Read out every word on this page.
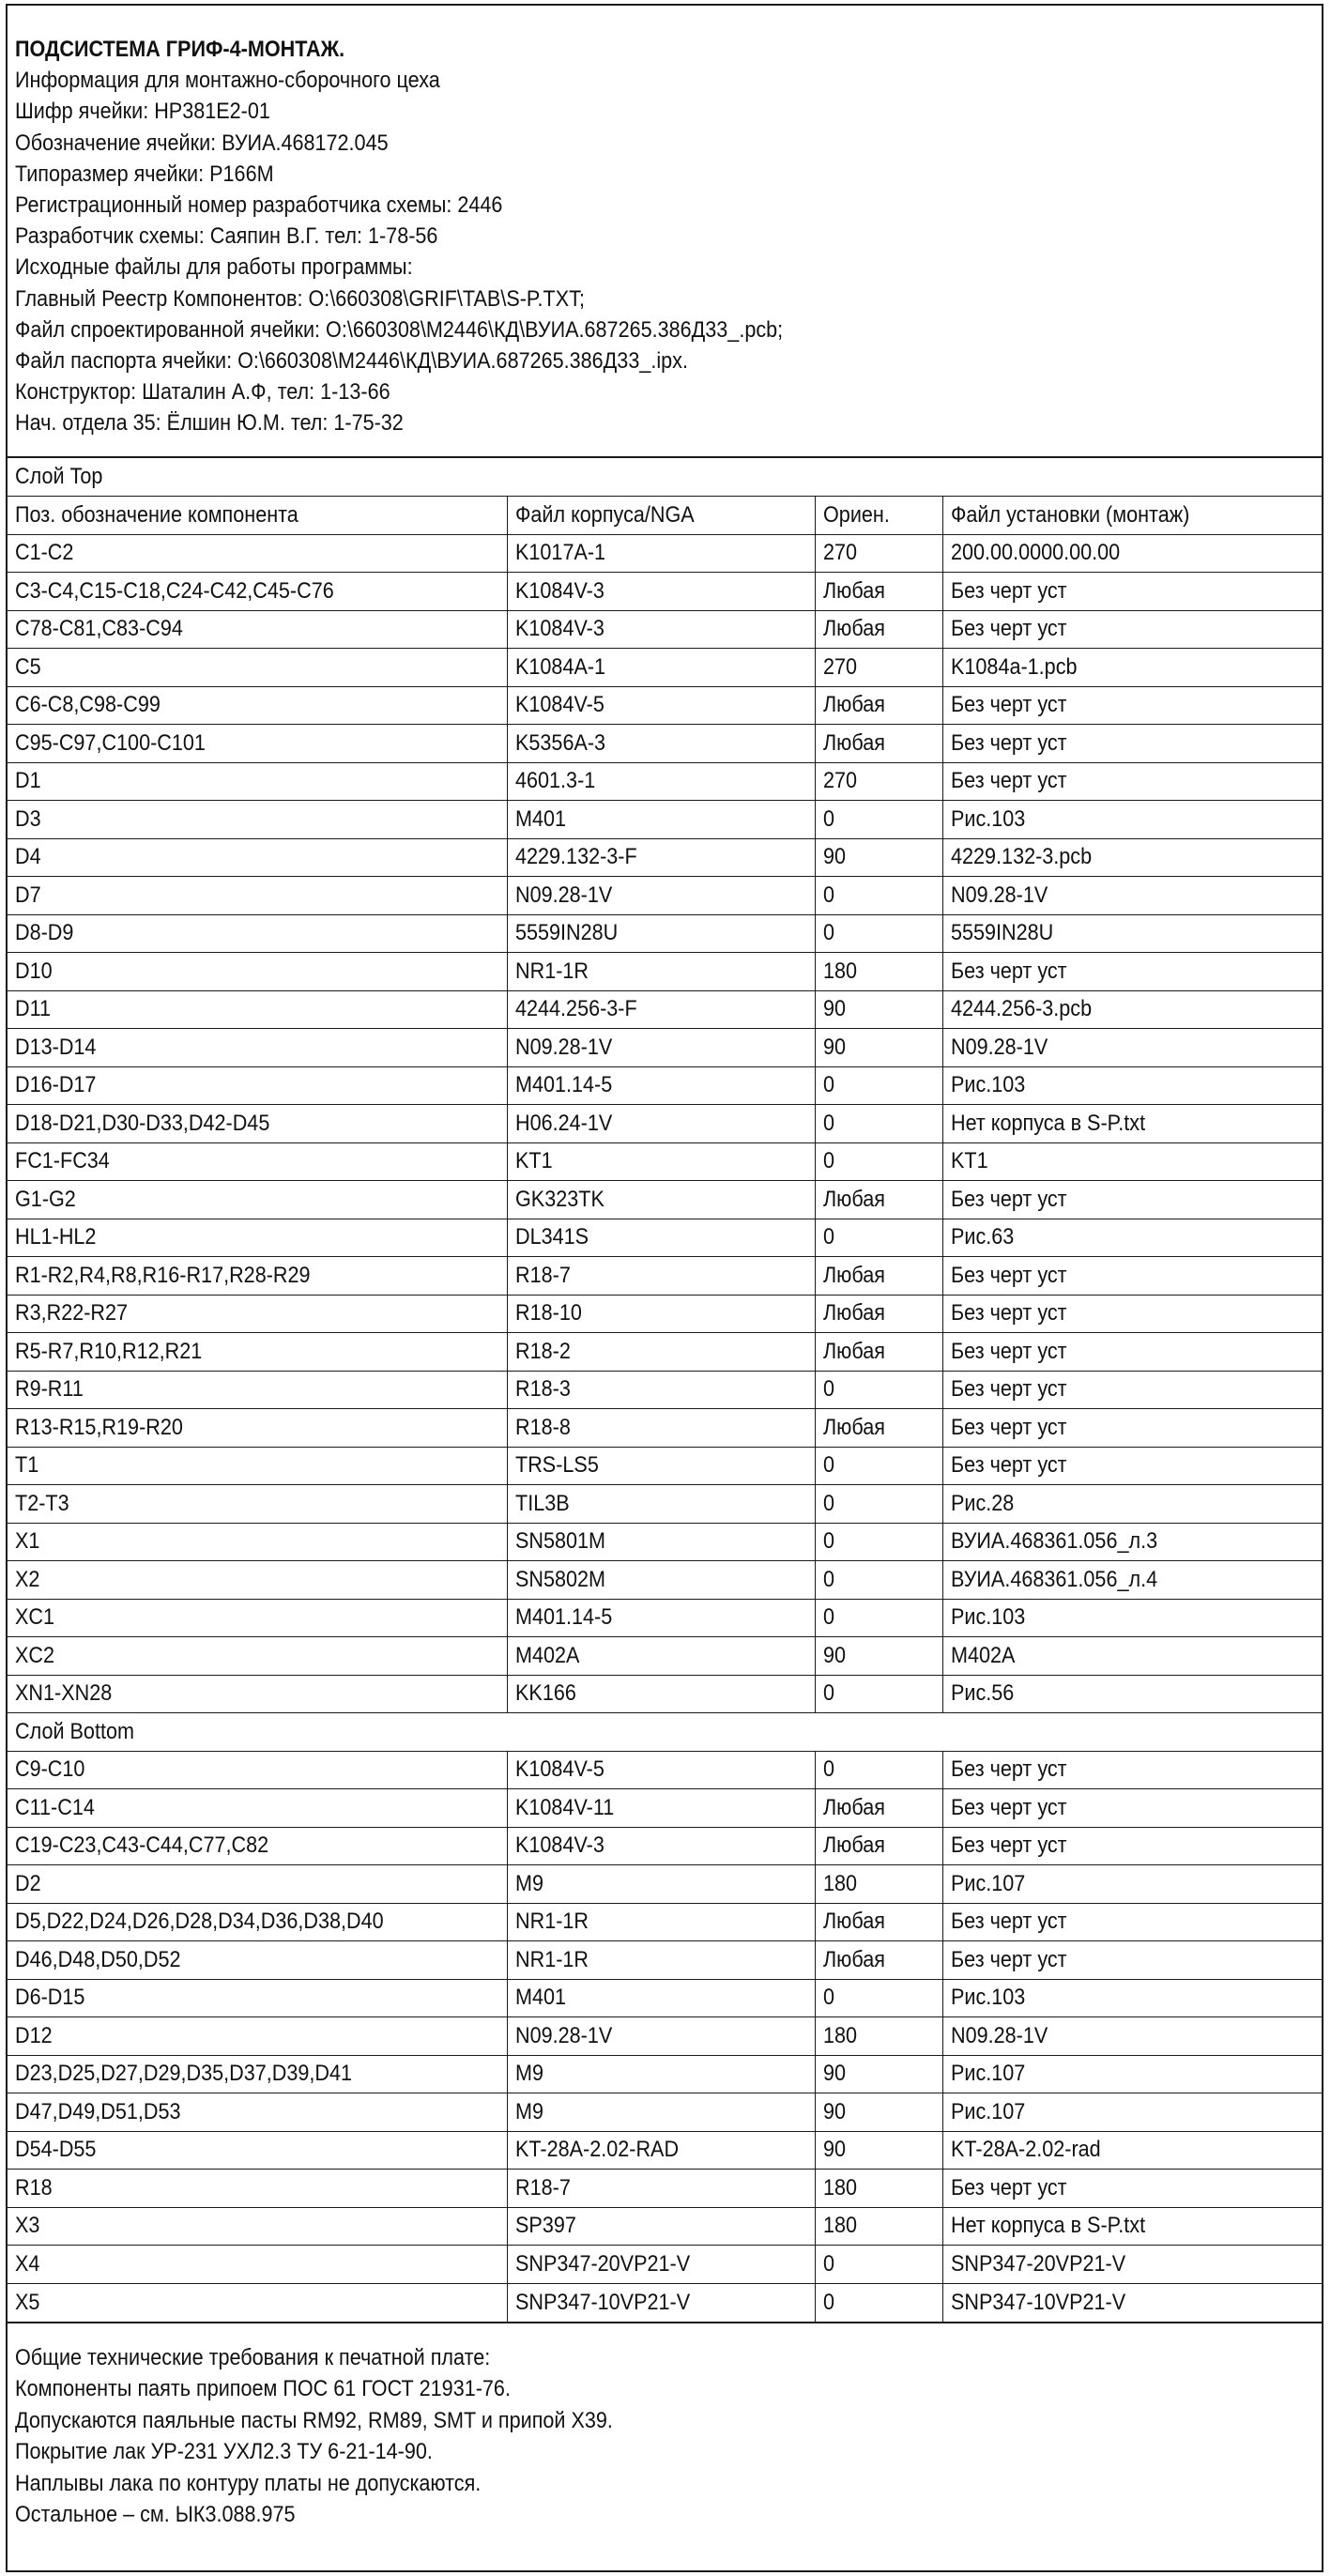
ПОДСИСТЕМА ГРИФ-4-МОНТАЖ.
Информация для монтажно-сборочного цеха
Шифр ячейки: НР381Е2-01
Обозначение ячейки: ВУИА.468172.045
Типоразмер ячейки: Р166М
Регистрационный номер разработчика схемы: 2446
Разработчик схемы: Саяпин В.Г. тел: 1-78-56
Исходные файлы для работы программы:
Главный Реестр Компонентов: O:\660308\GRIF\TAB\S-P.TXT;
Файл спроектированной ячейки: O:\660308\M2446\КД\ВУИА.687265.386Д33_.pcb;
Файл паспорта ячейки: O:\660308\M2446\КД\ВУИА.687265.386Д33_.ipx.
Конструктор: Шаталин А.Ф, тел: 1-13-66
Нач. отдела 35: Ёлшин Ю.М. тел: 1-75-32
Слой Top			
Поз. обозначение компонента	Файл корпуса/NGA	Ориен.	Файл установки (монтаж)
C1-C2	K1017A-1	270	200.00.0000.00.00
C3-C4,C15-C18,C24-C42,C45-C76	K1084V-3	Любая	Без черт уст
C78-C81,C83-C94	K1084V-3	Любая	Без черт уст
C5	K1084A-1	270	K1084a-1.pcb
C6-C8,C98-C99	K1084V-5	Любая	Без черт уст
C95-C97,C100-C101	K5356A-3	Любая	Без черт уст
D1	4601.3-1	270	Без черт уст
D3	M401	0	Рис.103
D4	4229.132-3-F	90	4229.132-3.pcb
D7	N09.28-1V	0	N09.28-1V
D8-D9	5559IN28U	0	5559IN28U
D10	NR1-1R	180	Без черт уст
D11	4244.256-3-F	90	4244.256-3.pcb
D13-D14	N09.28-1V	90	N09.28-1V
D16-D17	M401.14-5	0	Рис.103
D18-D21,D30-D33,D42-D45	H06.24-1V	0	Нет корпуса в S-P.txt
FC1-FC34	KT1	0	KT1
G1-G2	GK323TK	Любая	Без черт уст
HL1-HL2	DL341S	0	Рис.63
R1-R2,R4,R8,R16-R17,R28-R29	R18-7	Любая	Без черт уст
R3,R22-R27	R18-10	Любая	Без черт уст
R5-R7,R10,R12,R21	R18-2	Любая	Без черт уст
R9-R11	R18-3	0	Без черт уст
R13-R15,R19-R20	R18-8	Любая	Без черт уст
T1	TRS-LS5	0	Без черт уст
T2-T3	TIL3B	0	Рис.28
X1	SN5801M	0	ВУИА.468361.056_л.3
X2	SN5802M	0	ВУИА.468361.056_л.4
XC1	M401.14-5	0	Рис.103
XC2	M402A	90	M402A
XN1-XN28	KK166	0	Рис.56
Слой Bottom			
C9-C10	K1084V-5	0	Без черт уст
C11-C14	K1084V-11	Любая	Без черт уст
C19-C23,C43-C44,C77,C82	K1084V-3	Любая	Без черт уст
D2	M9	180	Рис.107
D5,D22,D24,D26,D28,D34,D36,D38,D40	NR1-1R	Любая	Без черт уст
D46,D48,D50,D52	NR1-1R	Любая	Без черт уст
D6-D15	M401	0	Рис.103
D12	N09.28-1V	180	N09.28-1V
D23,D25,D27,D29,D35,D37,D39,D41	M9	90	Рис.107
D47,D49,D51,D53	M9	90	Рис.107
D54-D55	KT-28A-2.02-RAD	90	KT-28A-2.02-rad
R18	R18-7	180	Без черт уст
X3	SP397	180	Нет корпуса в S-P.txt
X4	SNP347-20VP21-V	0	SNP347-20VP21-V
X5	SNP347-10VP21-V	0	SNP347-10VP21-V
Общие технические требования к печатной плате:
Компоненты паять припоем ПОС 61 ГОСТ 21931-76.
Допускаются паяльные пасты RM92, RM89, SMT и припой X39.
Покрытие лак УР-231 УХЛ2.3 ТУ 6-21-14-90.
Наплывы лака по контуру платы не допускаются.
Остальное – см. ЫК3.088.975
